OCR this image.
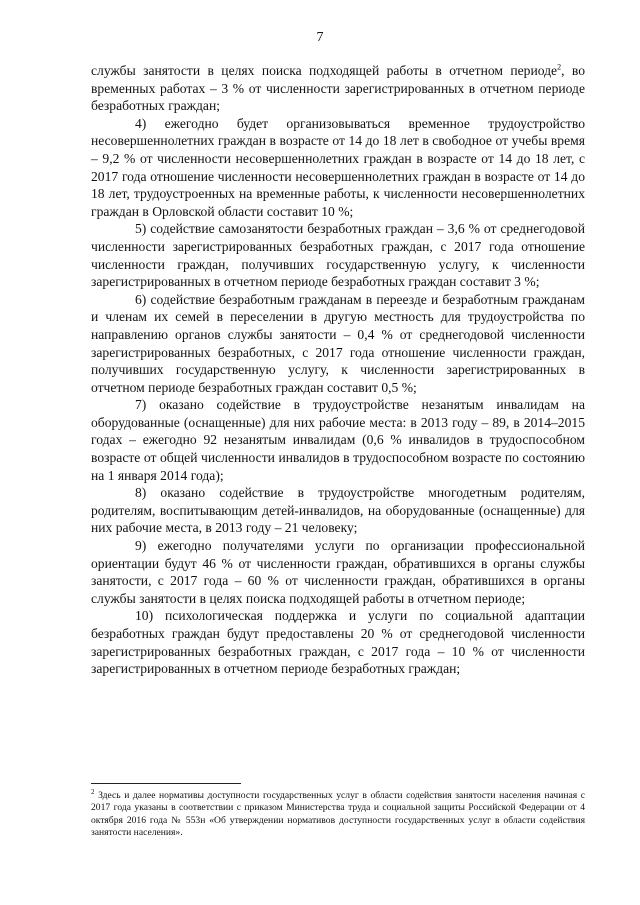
7

службы занятости в целях поиска подходящей работы в отчетном периоде$^2$, во временных работах – 3 % от численности зарегистрированных в отчетном периоде безработных граждан;

4) ежегодно будет организовываться временное трудоустройство несовершеннолетних граждан в возрасте от 14 до 18 лет в свободное от учебы время – 9,2 % от численности несовершеннолетних граждан в возрасте от 14 до 18 лет, с 2017 года отношение численности несовершеннолетних граждан в возрасте от 14 до 18 лет, трудоустроенных на временные работы, к численности несовершеннолетних граждан в Орловской области составит 10 %;

5) содействие самозанятости безработных граждан – 3,6 % от среднегодовой численности зарегистрированных безработных граждан, с 2017 года отношение численности граждан, получивших государственную услугу, к численности зарегистрированных в отчетном периоде безработных граждан составит 3 %;

6) содействие безработным гражданам в переезде и безработным гражданам и членам их семей в переселении в другую местность для трудоустройства по направлению органов службы занятости – 0,4 % от среднегодовой численности зарегистрированных безработных, с 2017 года отношение численности граждан, получивших государственную услугу, к численности зарегистрированных в отчетном периоде безработных граждан составит 0,5 %;

7) оказано содействие в трудоустройстве незанятым инвалидам на оборудованные (оснащенные) для них рабочие места: в 2013 году – 89, в 2014–2015 годах – ежегодно 92 незанятым инвалидам (0,6 % инвалидов в трудоспособном возрасте от общей численности инвалидов в трудоспособном возрасте по состоянию на 1 января 2014 года);

8) оказано содействие в трудоустройстве многодетным родителям, родителям, воспитывающим детей-инвалидов, на оборудованные (оснащенные) для них рабочие места, в 2013 году – 21 человеку;

9) ежегодно получателями услуги по организации профессиональной ориентации будут 46 % от численности граждан, обратившихся в органы службы занятости, с 2017 года – 60 % от численности граждан, обратившихся в органы службы занятости в целях поиска подходящей работы в отчетном периоде;

10) психологическая поддержка и услуги по социальной адаптации безработных граждан будут предоставлены 20 % от среднегодовой численности зарегистрированных безработных граждан, с 2017 года – 10 % от численности зарегистрированных в отчетном периоде безработных граждан;

$^2$ Здесь и далее нормативы доступности государственных услуг в области содействия занятости населения начиная с 2017 года указаны в соответствии с приказом Министерства труда и социальной защиты Российской Федерации от 4 октября 2016 года № 553н «Об утверждении нормативов доступности государственных услуг в области содействия занятости населения».
